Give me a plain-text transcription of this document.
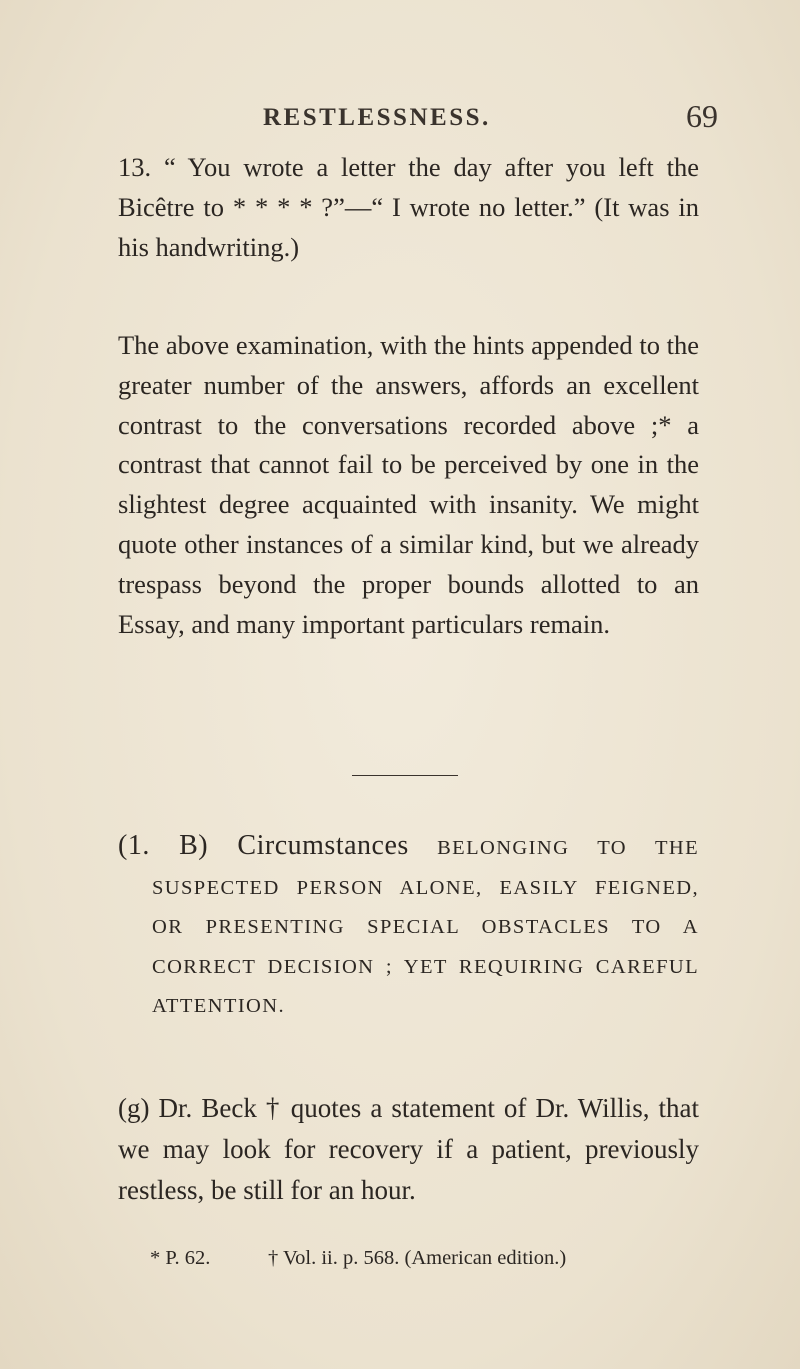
RESTLESSNESS.	69

13. “ You wrote a letter the day after you left the Bicêtre to * * * * ?”—“ I wrote no letter.” (It was in his handwriting.)

The above examination, with the hints appended to the greater number of the answers, affords an excellent contrast to the conversations recorded above ;* a contrast that cannot fail to be perceived by one in the slightest degree acquainted with insanity. We might quote other instances of a similar kind, but we already trespass beyond the proper bounds allotted to an Essay, and many important particulars remain.

(1. B) Circumstances BELONGING TO THE SUSPECTED PERSON ALONE, EASILY FEIGNED, OR PRESENTING SPECIAL OBSTACLES TO A CORRECT DECISION ; YET REQUIRING CAREFUL ATTENTION.

(g) Dr. Beck † quotes a statement of Dr. Willis, that we may look for recovery if a patient, previously restless, be still for an hour.

* P. 62.	† Vol. ii. p. 568. (American edition.)
